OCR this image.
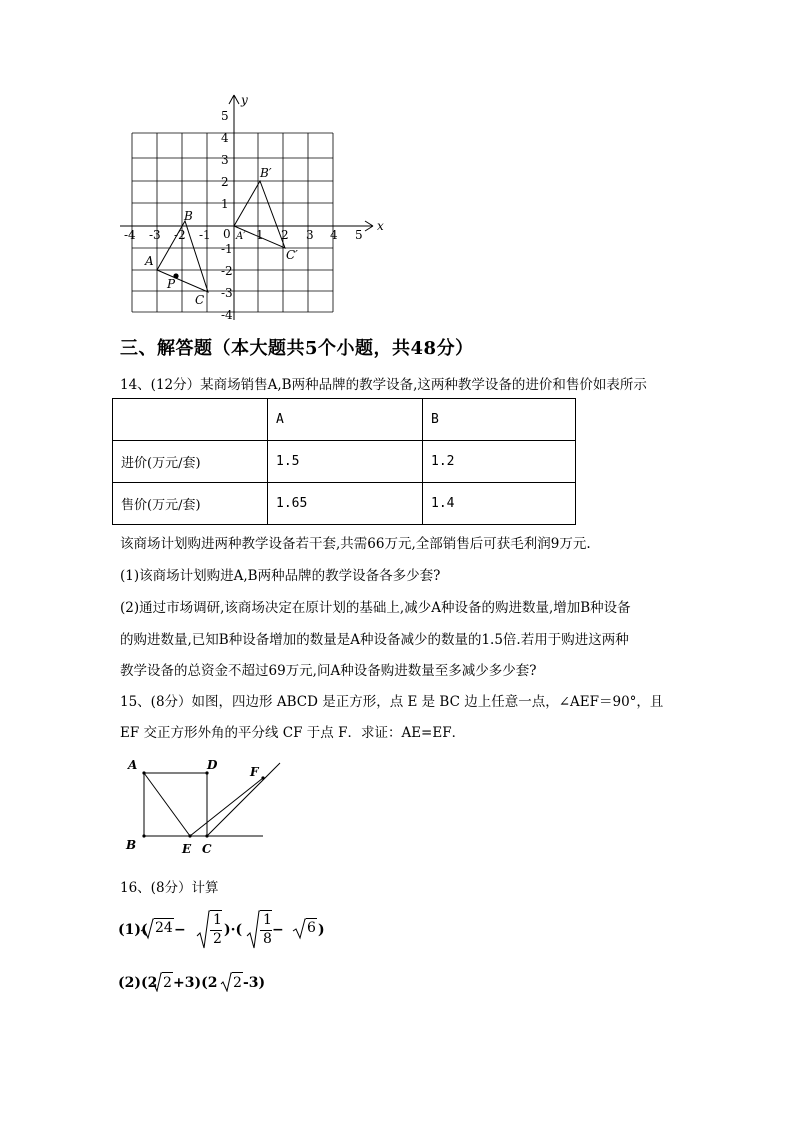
x
y
0
-4 -3 -2 -1	1 2 3 4 5
5
4
3
2
1
-1
-2
-3
-4
A
B
C
P
A′
B′
C′
三、解答题（本大题共5个小题，共48分）
14、(12分）某商场销售A,B两种品牌的教学设备,这两种教学设备的进价和售价如表所示
	A	B
进价(万元/套)	1.5	1.2
售价(万元/套)	1.65	1.4
该商场计划购进两种教学设备若干套,共需66万元,全部销售后可获毛利润9万元.
(1)该商场计划购进A,B两种品牌的教学设备各多少套?
(2)通过市场调研,该商场决定在原计划的基础上,减少A种设备的购进数量,增加B种设备
的购进数量,已知B种设备增加的数量是A种设备减少的数量的1.5倍.若用于购进这两种
教学设备的总资金不超过69万元,问A种设备购进数量至多减少多少套?
15、(8分）如图，四边形 ABCD 是正方形，点 E 是 BC 边上任意一点，∠AEF＝90°，且
EF 交正方形外角的平分线 CF 于点 F．求证：AE=EF．
A	D	F
B	E C
16、(8分）计算
(1)( 24 −
1
2
)·(
1
8
− 6 )
(2)(2 2 +3)(2 2 -3)
